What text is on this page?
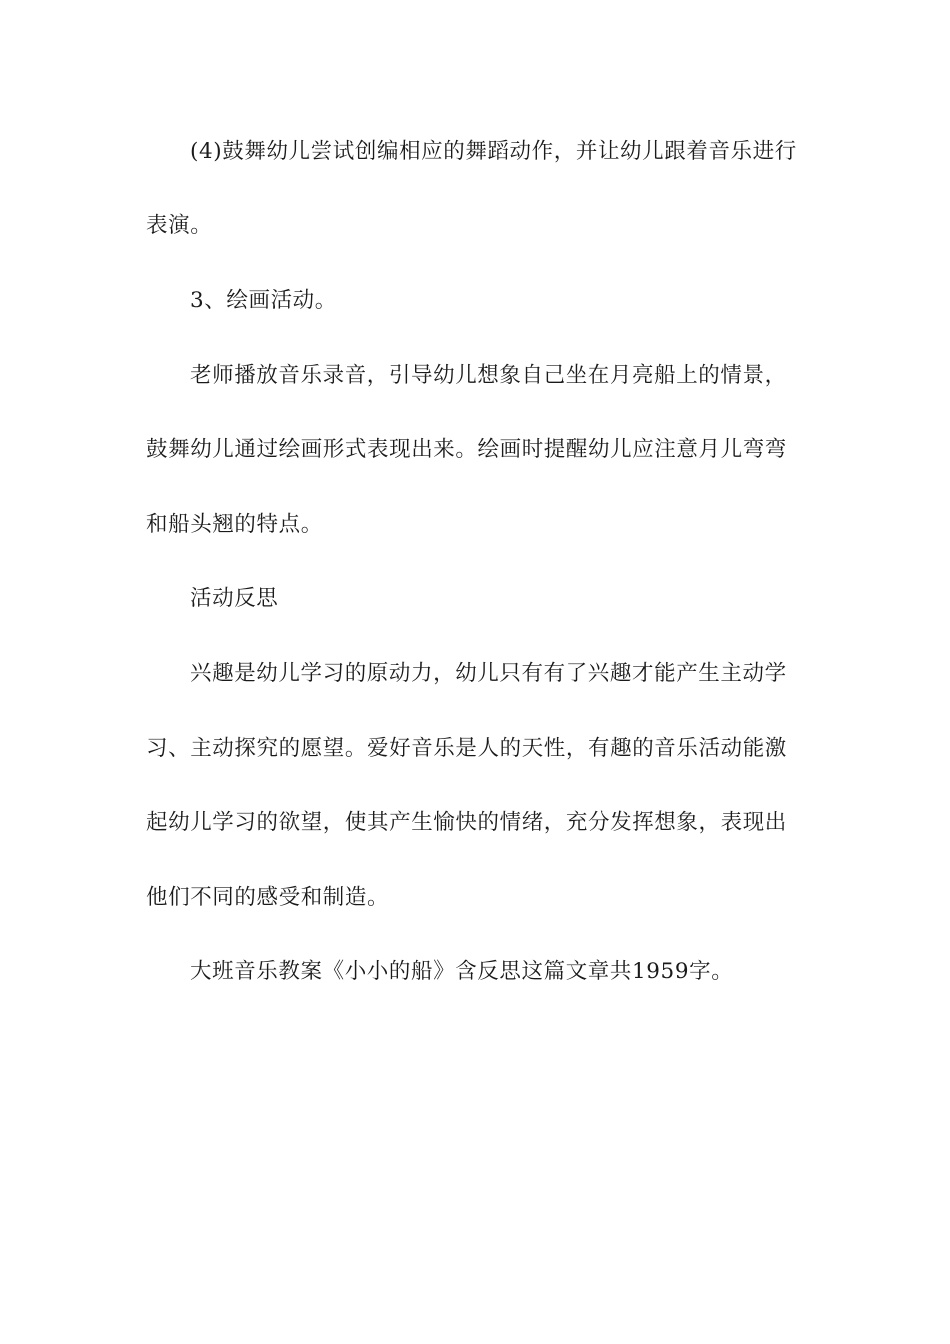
(4)鼓舞幼儿尝试创编相应的舞蹈动作，并让幼儿跟着音乐进行
表演。
3、绘画活动。
老师播放音乐录音，引导幼儿想象自己坐在月亮船上的情景，
鼓舞幼儿通过绘画形式表现出来。绘画时提醒幼儿应注意月儿弯弯
和船头翘的特点。
活动反思
兴趣是幼儿学习的原动力，幼儿只有有了兴趣才能产生主动学
习、主动探究的愿望。爱好音乐是人的天性，有趣的音乐活动能激
起幼儿学习的欲望，使其产生愉快的情绪，充分发挥想象，表现出
他们不同的感受和制造。
大班音乐教案《小小的船》含反思这篇文章共1959字。
